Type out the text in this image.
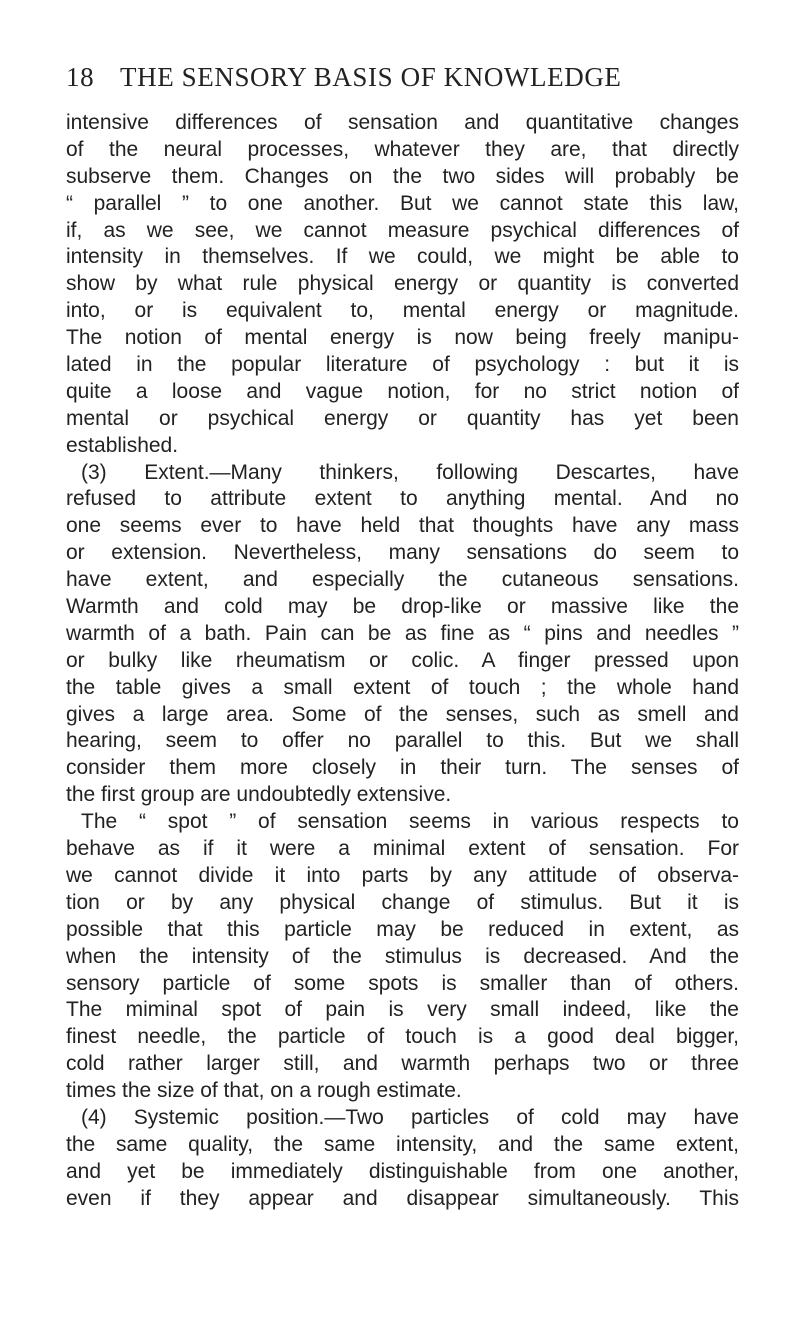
18 THE SENSORY BASIS OF KNOWLEDGE
intensive differences of sensation and quantitative changes
of the neural processes, whatever they are, that directly
subserve them. Changes on the two sides will probably be
“ parallel ” to one another. But we cannot state this law,
if, as we see, we cannot measure psychical differences of
intensity in themselves. If we could, we might be able to
show by what rule physical energy or quantity is converted
into, or is equivalent to, mental energy or magnitude.
The notion of mental energy is now being freely manipu-
lated in the popular literature of psychology : but it is
quite a loose and vague notion, for no strict notion of
mental or psychical energy or quantity has yet been
established.
(3) Extent.—Many thinkers, following Descartes, have
refused to attribute extent to anything mental. And no
one seems ever to have held that thoughts have any mass
or extension. Nevertheless, many sensations do seem to
have extent, and especially the cutaneous sensations.
Warmth and cold may be drop-like or massive like the
warmth of a bath. Pain can be as fine as “ pins and needles ”
or bulky like rheumatism or colic. A finger pressed upon
the table gives a small extent of touch ; the whole hand
gives a large area. Some of the senses, such as smell and
hearing, seem to offer no parallel to this. But we shall
consider them more closely in their turn. The senses of
the first group are undoubtedly extensive.
The “ spot ” of sensation seems in various respects to
behave as if it were a minimal extent of sensation. For
we cannot divide it into parts by any attitude of observa-
tion or by any physical change of stimulus. But it is
possible that this particle may be reduced in extent, as
when the intensity of the stimulus is decreased. And the
sensory particle of some spots is smaller than of others.
The miminal spot of pain is very small indeed, like the
finest needle, the particle of touch is a good deal bigger,
cold rather larger still, and warmth perhaps two or three
times the size of that, on a rough estimate.
(4) Systemic position.—Two particles of cold may have
the same quality, the same intensity, and the same extent,
and yet be immediately distinguishable from one another,
even if they appear and disappear simultaneously. This
